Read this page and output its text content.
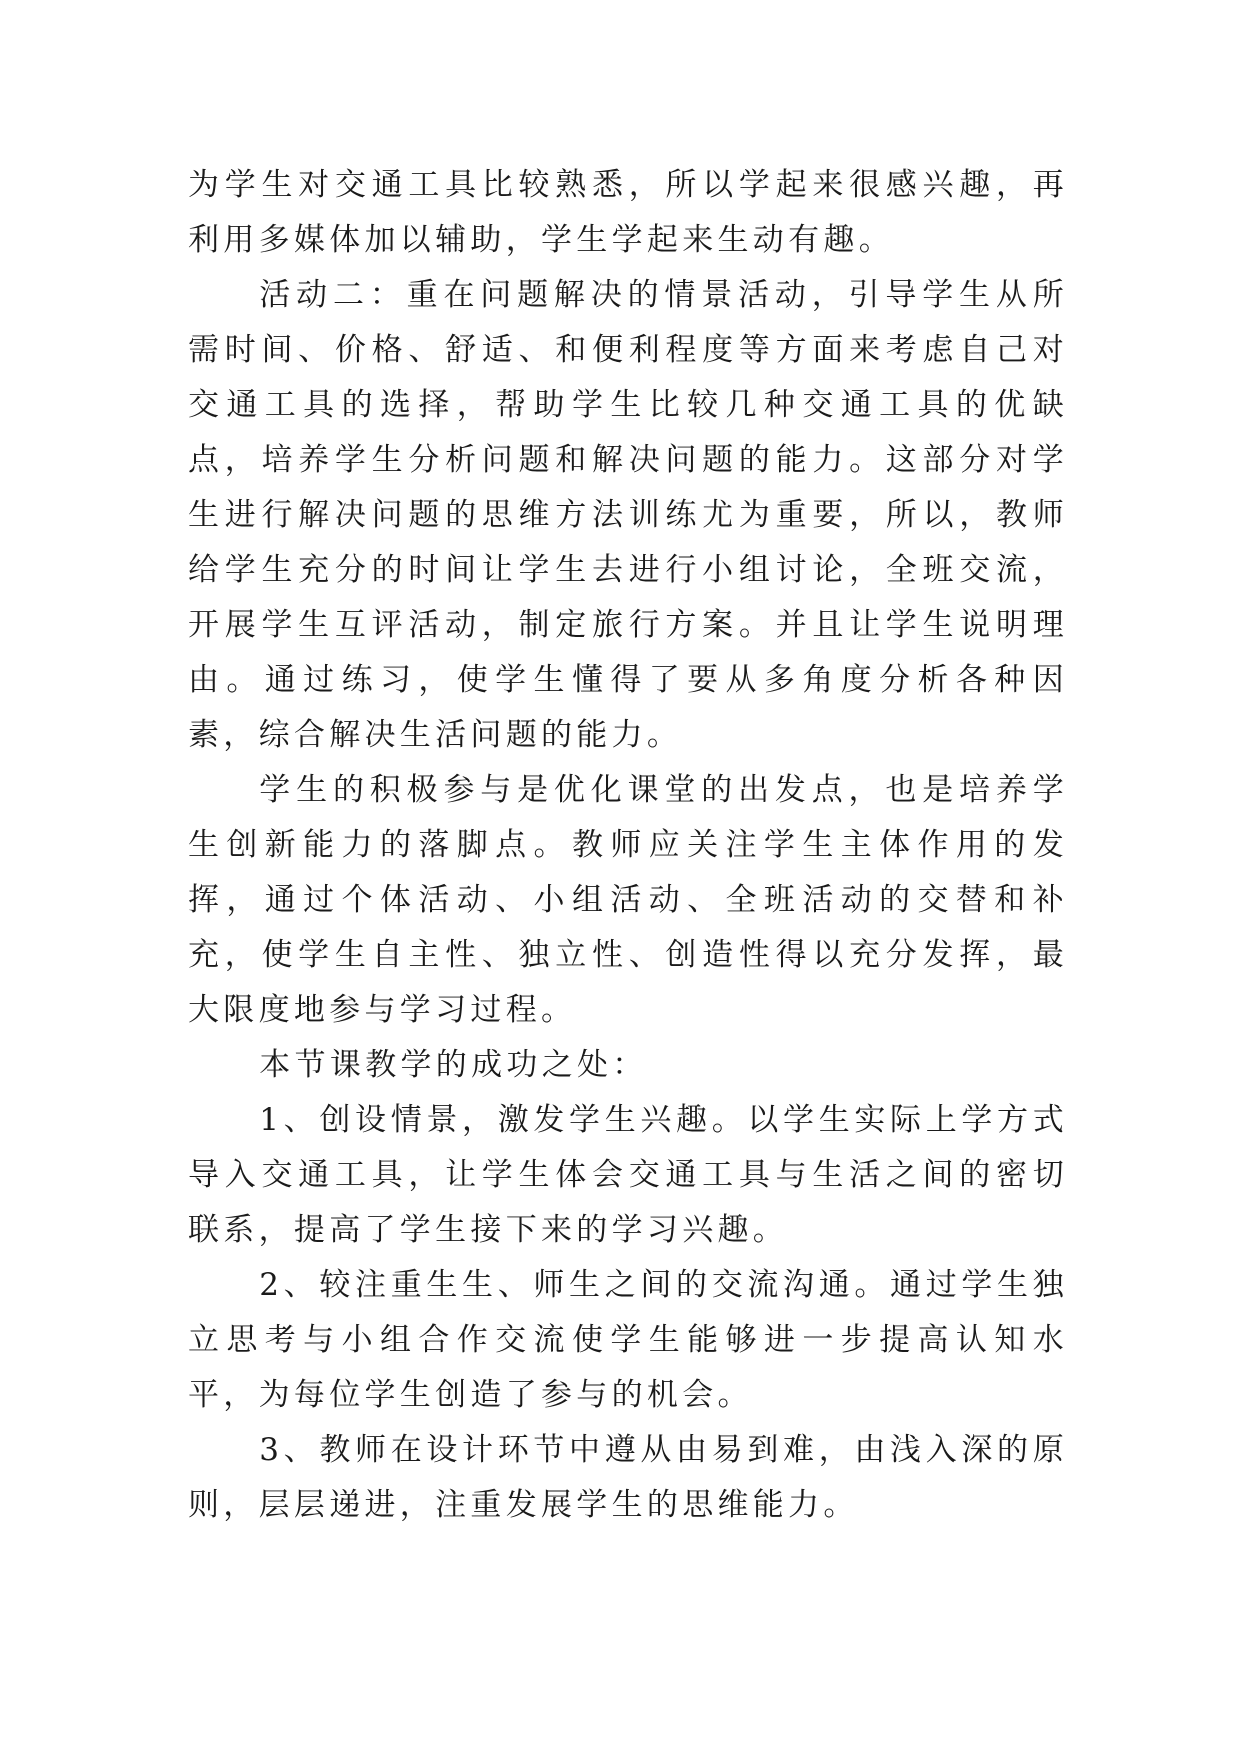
为学生对交通工具比较熟悉，所以学起来很感兴趣，再利用多媒体加以辅助，学生学起来生动有趣。

活动二：重在问题解决的情景活动，引导学生从所需时间、价格、舒适、和便利程度等方面来考虑自己对交通工具的选择，帮助学生比较几种交通工具的优缺点，培养学生分析问题和解决问题的能力。这部分对学生进行解决问题的思维方法训练尤为重要，所以，教师给学生充分的时间让学生去进行小组讨论，全班交流，开展学生互评活动，制定旅行方案。并且让学生说明理由。通过练习，使学生懂得了要从多角度分析各种因素，综合解决生活问题的能力。

学生的积极参与是优化课堂的出发点，也是培养学生创新能力的落脚点。教师应关注学生主体作用的发挥，通过个体活动、小组活动、全班活动的交替和补充，使学生自主性、独立性、创造性得以充分发挥，最大限度地参与学习过程。

本节课教学的成功之处：

1、创设情景，激发学生兴趣。以学生实际上学方式导入交通工具，让学生体会交通工具与生活之间的密切联系，提高了学生接下来的学习兴趣。

2、较注重生生、师生之间的交流沟通。通过学生独立思考与小组合作交流使学生能够进一步提高认知水平，为每位学生创造了参与的机会。

3、教师在设计环节中遵从由易到难，由浅入深的原则，层层递进，注重发展学生的思维能力。
